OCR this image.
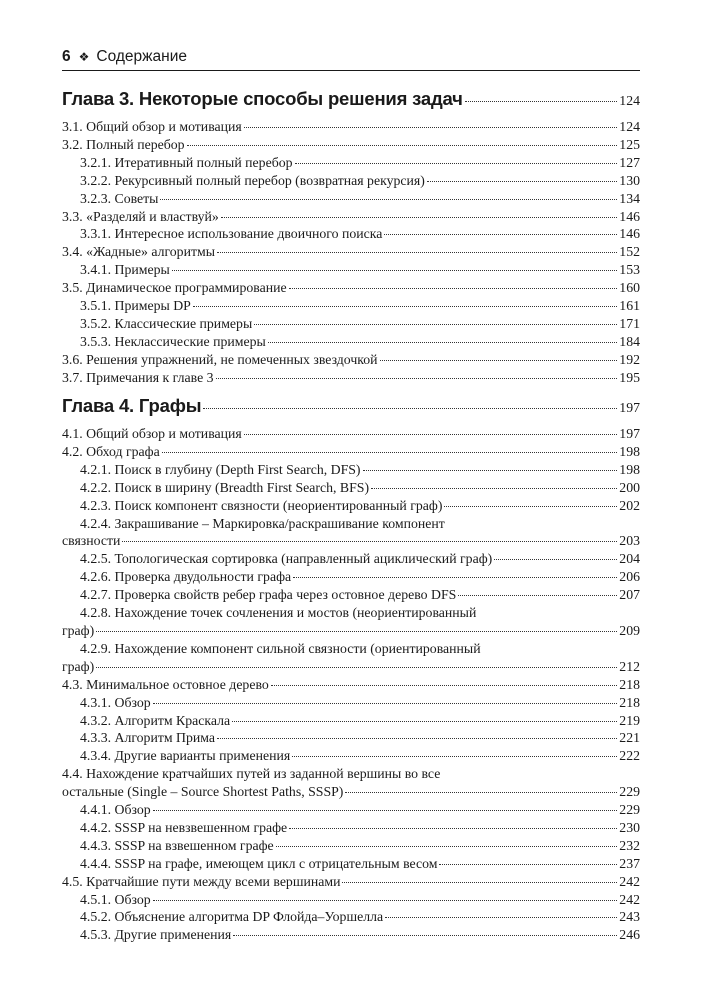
6 ❖ Содержание
Глава 3. Некоторые способы решения задач	124
3.1. Общий обзор и мотивация	124
3.2. Полный перебор	125
3.2.1. Итеративный полный перебор	127
3.2.2. Рекурсивный полный перебор (возвратная рекурсия)	130
3.2.3. Советы	134
3.3. «Разделяй и властвуй»	146
3.3.1. Интересное использование двоичного поиска	146
3.4. «Жадные» алгоритмы	152
3.4.1. Примеры	153
3.5. Динамическое программирование	160
3.5.1. Примеры DP	161
3.5.2. Классические примеры	171
3.5.3. Неклассические примеры	184
3.6. Решения упражнений, не помеченных звездочкой	192
3.7. Примечания к главе 3	195
Глава 4. Графы	197
4.1. Общий обзор и мотивация	197
4.2. Обход графа	198
4.2.1. Поиск в глубину (Depth First Search, DFS)	198
4.2.2. Поиск в ширину (Breadth First Search, BFS)	200
4.2.3. Поиск компонент связности (неориентированный граф)	202
4.2.4. Закрашивание – Маркировка/раскрашивание компонент
связности	203
4.2.5. Топологическая сортировка (направленный ациклический граф)	204
4.2.6. Проверка двудольности графа	206
4.2.7. Проверка свойств ребер графа через остовное дерево DFS	207
4.2.8. Нахождение точек сочленения и мостов (неориентированный
граф)	209
4.2.9. Нахождение компонент сильной связности (ориентированный
граф)	212
4.3. Минимальное остовное дерево	218
4.3.1. Обзор	218
4.3.2. Алгоритм Краскала	219
4.3.3. Алгоритм Прима	221
4.3.4. Другие варианты применения	222
4.4. Нахождение кратчайших путей из заданной вершины во все
остальные (Single – Source Shortest Paths, SSSP)	229
4.4.1. Обзор	229
4.4.2. SSSP на невзвешенном графе	230
4.4.3. SSSP на взвешенном графе	232
4.4.4. SSSP на графе, имеющем цикл с отрицательным весом	237
4.5. Кратчайшие пути между всеми вершинами	242
4.5.1. Обзор	242
4.5.2. Объяснение алгоритма DP Флойда–Уоршелла	243
4.5.3. Другие применения	246
